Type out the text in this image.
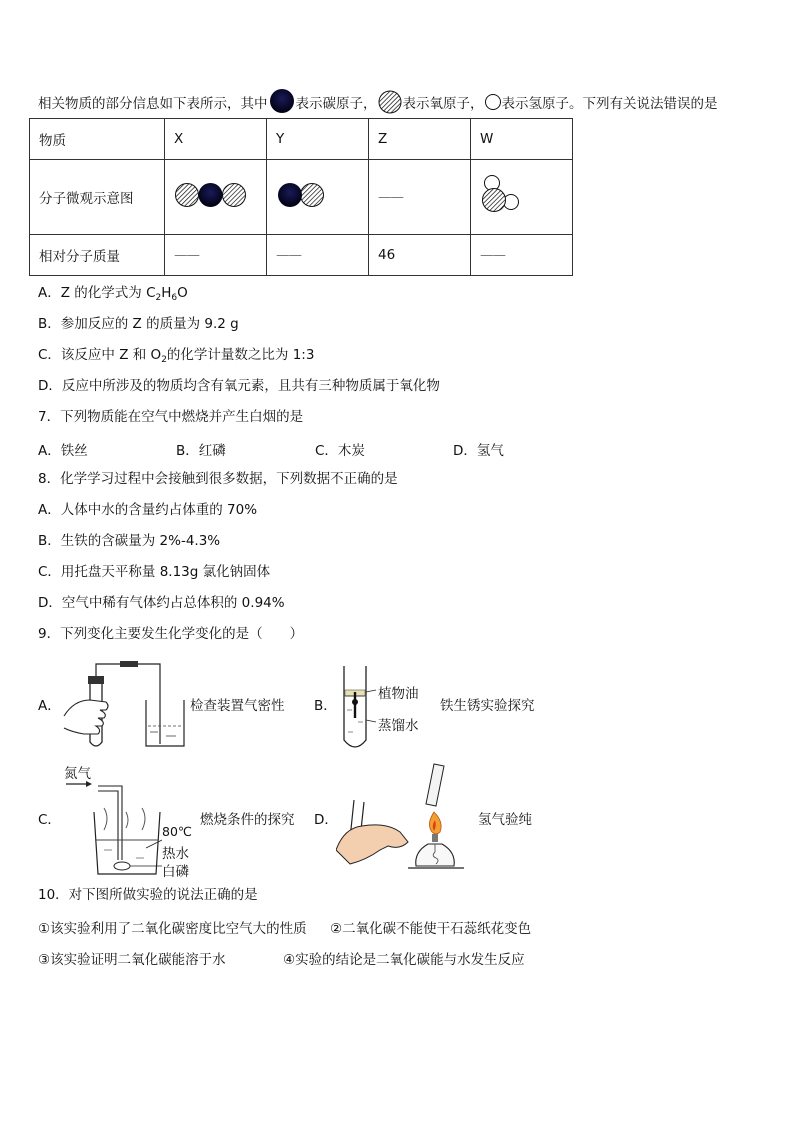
相关物质的部分信息如下表所示，其中 表示碳原子， 表示氧原子， 表示氢原子。下列有关说法错误的是
物质	X	Y	Z	W
分子微观示意图			——	
相对分子质量	——	——	46	——
A．Z 的化学式为 $C_2H_6O$
B．参加反应的 Z 的质量为 9.2 g
C．该反应中 Z 和 $O_2$的化学计量数之比为 1:3
D．反应中所涉及的物质均含有氧元素，且共有三种物质属于氧化物
7．下列物质能在空气中燃烧并产生白烟的是
A．铁丝	B．红磷	C．木炭	D．氢气
8．化学学习过程中会接触到很多数据，下列数据不正确的是
A．人体中水的含量约占体重的 70%
B．生铁的含碳量为 2%-4.3%
C．用托盘天平称量 8.13g 氯化钠固体
D．空气中稀有气体约占总体积的 0.94%
9．下列变化主要发生化学变化的是（　　）
A．	检查装置气密性 B．
植物油
蒸馏水
铁生锈实验探究
C．
氮气
80℃
热水
白磷
燃烧条件的探究 D．	氢气验纯
10．对下图所做实验的说法正确的是
①该实验利用了二氧化碳密度比空气大的性质 ②二氧化碳不能使干石蕊纸花变色
③该实验证明二氧化碳能溶于水	④实验的结论是二氧化碳能与水发生反应
